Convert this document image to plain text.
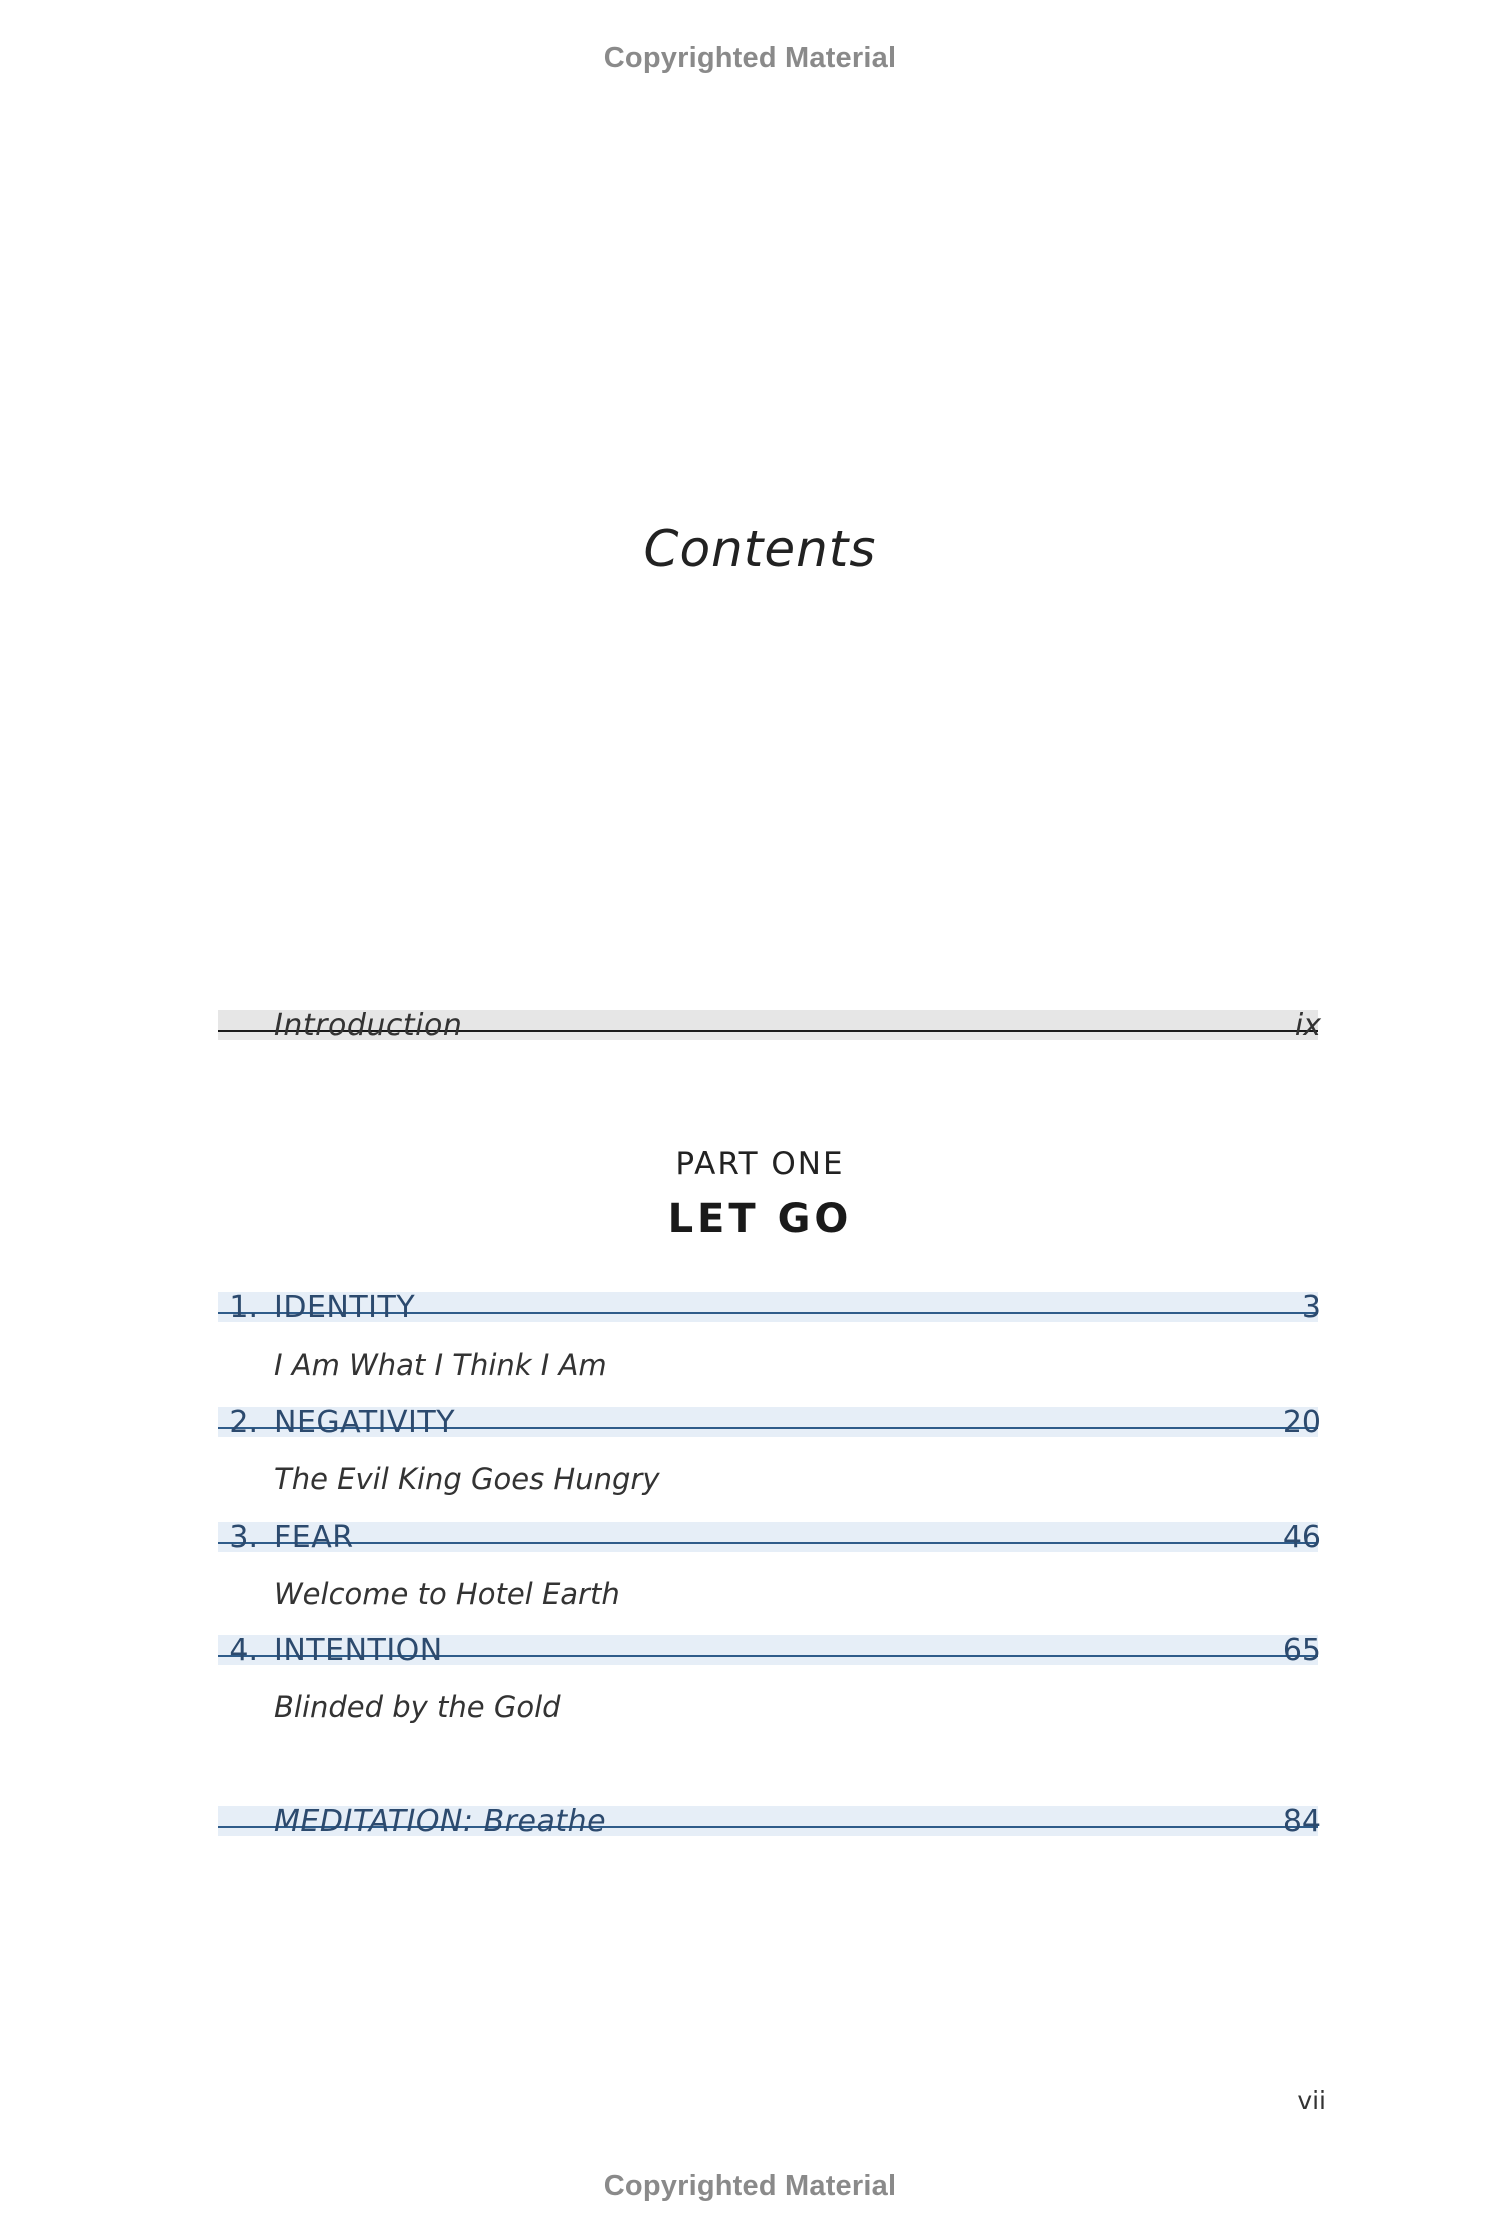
Copyrighted Material
Contents
Introduction	ix
PART ONE
LET GO
1. IDENTITY	3
I Am What I Think I Am
2. NEGATIVITY	20
The Evil King Goes Hungry
3. FEAR	46
Welcome to Hotel Earth
4. INTENTION	65
Blinded by the Gold
MEDITATION: Breathe	84
vii
Copyrighted Material
